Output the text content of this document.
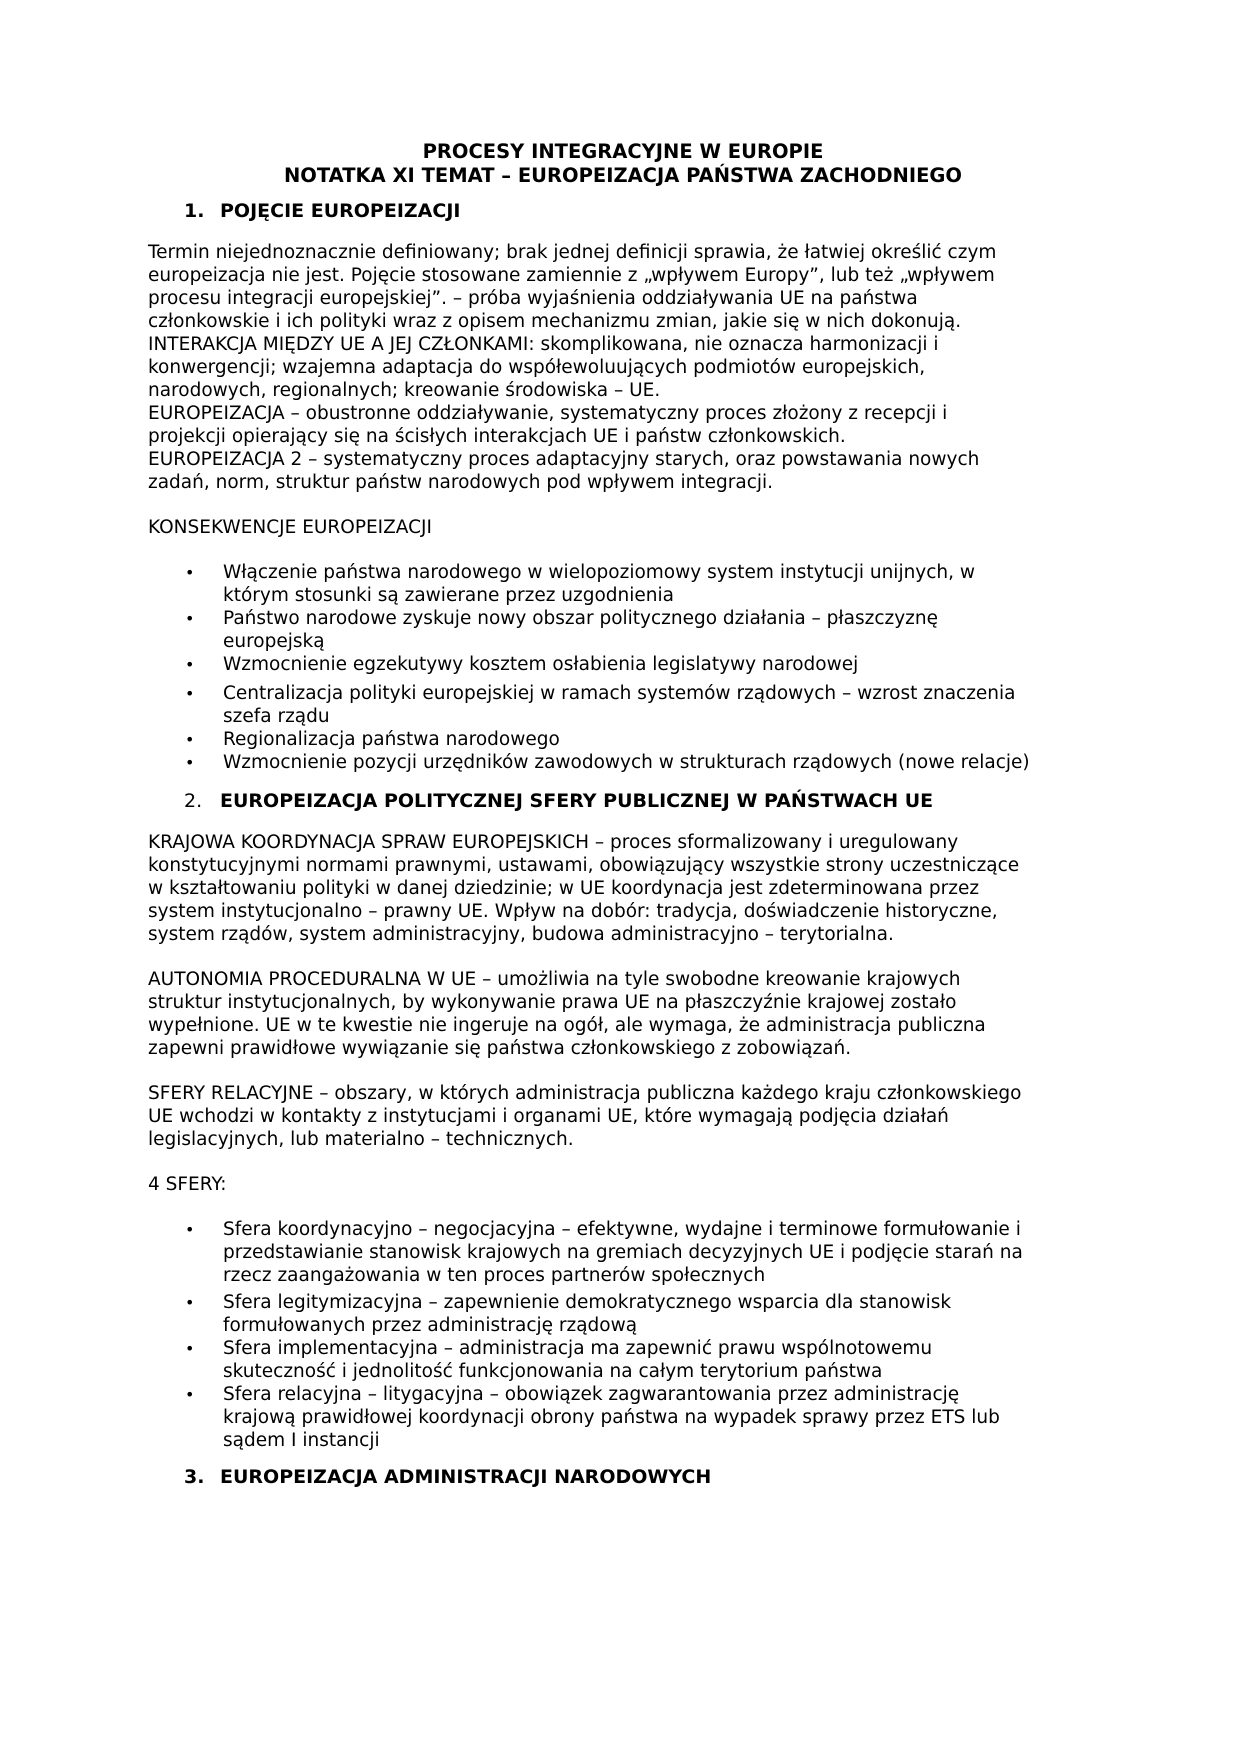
PROCESY INTEGRACYJNE W EUROPIE

NOTATKA XI TEMAT – EUROPEIZACJA PAŃSTWA ZACHODNIEGO

1. POJĘCIE EUROPEIZACJI

Termin niejednoznacznie definiowany; brak jednej definicji sprawia, że łatwiej określić czym

europeizacja nie jest. Pojęcie stosowane zamiennie z „wpływem Europy”, lub też „wpływem

procesu integracji europejskiej”. – próba wyjaśnienia oddziaływania UE na państwa

członkowskie i ich polityki wraz z opisem mechanizmu zmian, jakie się w nich dokonują.

INTERAKCJA MIĘDZY UE A JEJ CZŁONKAMI: skomplikowana, nie oznacza harmonizacji i

konwergencji; wzajemna adaptacja do współewoluujących podmiotów europejskich,

narodowych, regionalnych; kreowanie środowiska – UE.

EUROPEIZACJA – obustronne oddziaływanie, systematyczny proces złożony z recepcji i

projekcji opierający się na ścisłych interakcjach UE i państw członkowskich.

EUROPEIZACJA 2 – systematyczny proces adaptacyjny starych, oraz powstawania nowych

zadań, norm, struktur państw narodowych pod wpływem integracji.

KONSEKWENCJE EUROPEIZACJI

• Włączenie państwa narodowego w wielopoziomowy system instytucji unijnych, w
którym stosunki są zawierane przez uzgodnienia
• Państwo narodowe zyskuje nowy obszar politycznego działania – płaszczyznę
europejską
• Wzmocnienie egzekutywy kosztem osłabienia legislatywy narodowej
• Centralizacja polityki europejskiej w ramach systemów rządowych – wzrost znaczenia
szefa rządu
• Regionalizacja państwa narodowego
• Wzmocnienie pozycji urzędników zawodowych w strukturach rządowych (nowe relacje)
2. EUROPEIZACJA POLITYCZNEJ SFERY PUBLICZNEJ W PAŃSTWACH UE

KRAJOWA KOORDYNACJA SPRAW EUROPEJSKICH – proces sformalizowany i uregulowany

konstytucyjnymi normami prawnymi, ustawami, obowiązujący wszystkie strony uczestniczące

w kształtowaniu polityki w danej dziedzinie; w UE koordynacja jest zdeterminowana przez

system instytucjonalno – prawny UE. Wpływ na dobór: tradycja, doświadczenie historyczne,

system rządów, system administracyjny, budowa administracyjno – terytorialna.

AUTONOMIA PROCEDURALNA W UE – umożliwia na tyle swobodne kreowanie krajowych

struktur instytucjonalnych, by wykonywanie prawa UE na płaszczyźnie krajowej zostało

wypełnione. UE w te kwestie nie ingeruje na ogół, ale wymaga, że administracja publiczna

zapewni prawidłowe wywiązanie się państwa członkowskiego z zobowiązań.

SFERY RELACYJNE – obszary, w których administracja publiczna każdego kraju członkowskiego

UE wchodzi w kontakty z instytucjami i organami UE, które wymagają podjęcia działań

legislacyjnych, lub materialno – technicznych.

4 SFERY:

• Sfera koordynacyjno – negocjacyjna – efektywne, wydajne i terminowe formułowanie i
przedstawianie stanowisk krajowych na gremiach decyzyjnych UE i podjęcie starań na
rzecz zaangażowania w ten proces partnerów społecznych
• Sfera legitymizacyjna – zapewnienie demokratycznego wsparcia dla stanowisk
formułowanych przez administrację rządową
• Sfera implementacyjna – administracja ma zapewnić prawu wspólnotowemu
skuteczność i jednolitość funkcjonowania na całym terytorium państwa
• Sfera relacyjna – litygacyjna – obowiązek zagwarantowania przez administrację
krajową prawidłowej koordynacji obrony państwa na wypadek sprawy przez ETS lub
sądem I instancji
3. EUROPEIZACJA ADMINISTRACJI NARODOWYCH
